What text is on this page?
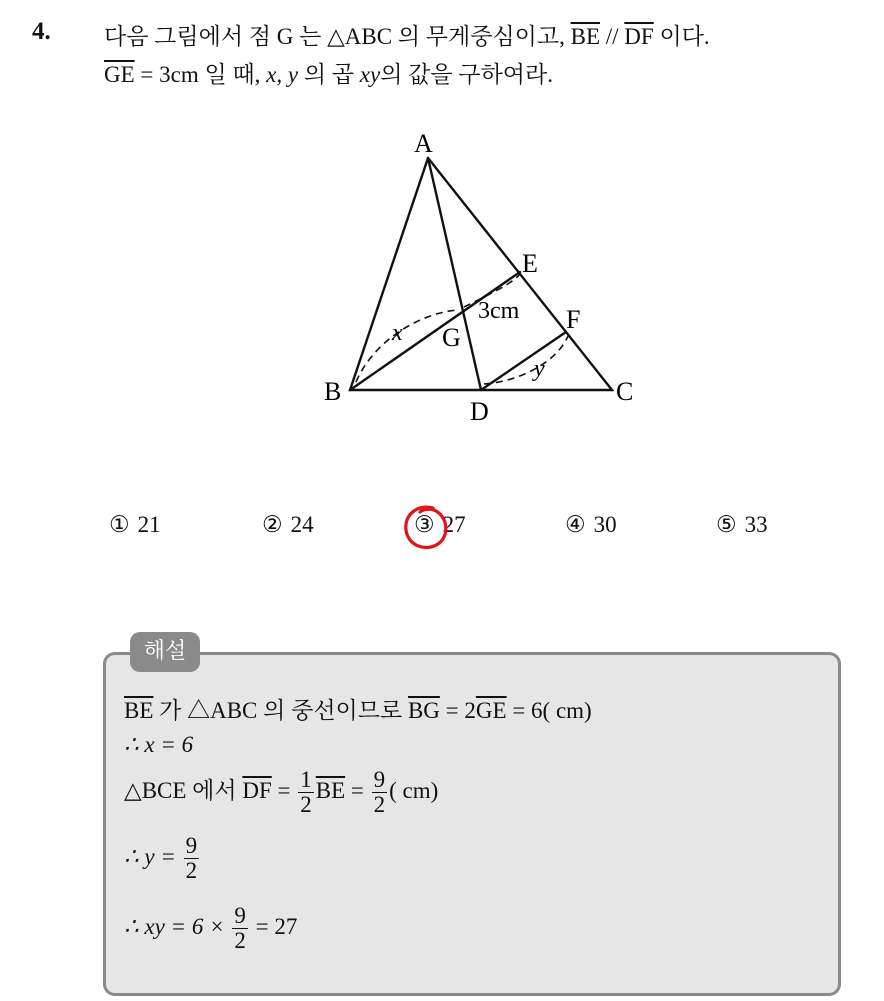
4. 다음 그림에서 점 G 는 △ABC 의 무게중심이고, $\overline{BE} // \overline{DF}$ 이다.
$\overline{GE} = 3cm$ 일 때, x, y 의 곱 xy의 값을 구하여라.
A
B	C
D
E
F
G
x
y
3cm
① 21	② 24	③ 27	④ 30	⑤ 33
해설
$\overline{BE}$ 가 △ABC 의 중선이므로 $\overline{BG} = 2\overline{GE} = 6$( cm)
∴ x = 6
△BCE 에서 $\overline{DF} = \frac{1}{2} \overline{BE} = \frac{9}{2}$ ( cm)
∴ $y = \frac{9}{2}$
∴ xy = $6 \times \frac{9}{2} = 27$
